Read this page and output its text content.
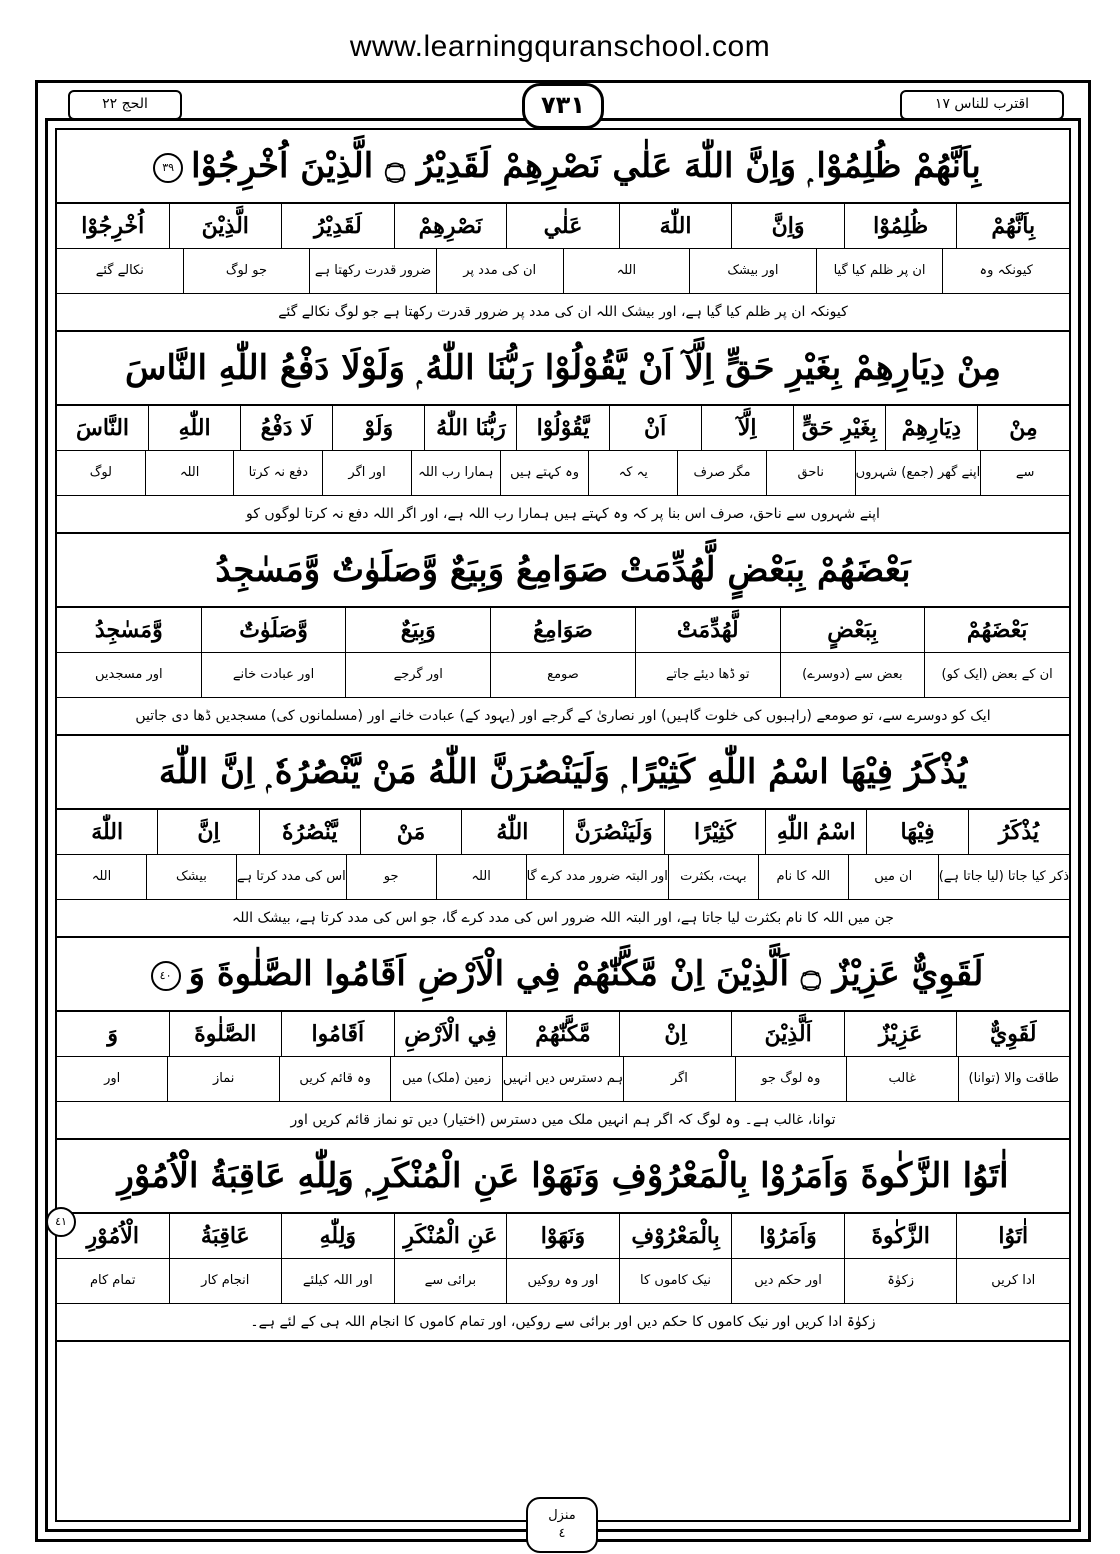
www.learningquranschool.com
اقترب للناس ١٧
الحج ٢٢	٧٣١
بِاَنَّهُمْ ظُلِمُوْا ۭ وَاِنَّ اللّٰهَ عَلٰي نَصْرِهِمْ لَقَدِيْرُ ۝ الَّذِيْنَ اُخْرِجُوْا٣٩
بِاَنَّهُمْ
ظُلِمُوْا
وَاِنَّ
اللّٰهَ
عَلٰي
نَصْرِهِمْ
لَقَدِيْرُ
الَّذِيْنَ
اُخْرِجُوْا
کیونکہ وہ
ان پر ظلم کیا گیا
اور بیشک
اللہ
ان کی مدد پر
ضرور قدرت رکھتا ہے
جو لوگ
نکالے گئے
کیونکہ ان پر ظلم کیا گیا ہے، اور بیشک اللہ ان کی مدد پر ضرور قدرت رکھتا ہے جو لوگ نکالے گئے
مِنْ دِيَارِهِمْ بِغَيْرِ حَقٍّ اِلَّآ اَنْ يَّقُوْلُوْا رَبُّنَا اللّٰهُ ۭ وَلَوْلَا دَفْعُ اللّٰهِ النَّاسَ
مِنْ
دِيَارِهِمْ
بِغَيْرِ حَقٍّ
اِلَّآ
اَنْ
يَّقُوْلُوْا
رَبُّنَا اللّٰهُ
وَلَوْ
لَا دَفْعُ
اللّٰهِ
النَّاسَ
سے
اپنے گھر (جمع) شہروں
ناحق
مگر صرف
یہ کہ
وہ کہتے ہیں
ہمارا رب اللہ
اور اگر
دفع نہ کرتا
اللہ
لوگ
اپنے شہروں سے ناحق، صرف اس بنا پر کہ وہ کہتے ہیں ہمارا رب اللہ ہے، اور اگر اللہ دفع نہ کرتا لوگوں کو
بَعْضَهُمْ بِبَعْضٍ لَّهُدِّمَتْ صَوَامِعُ وَبِيَعٌ وَّصَلَوٰتٌ وَّمَسٰجِدُ
بَعْضَهُمْ
بِبَعْضٍ
لَّهُدِّمَتْ
صَوَامِعُ
وَبِيَعٌ
وَّصَلَوٰتٌ
وَّمَسٰجِدُ
ان کے بعض (ایک کو)
بعض سے (دوسرے)
تو ڈھا دیئے جاتے
صومع
اور گرجے
اور عبادت خانے
اور مسجدیں
ایک کو دوسرے سے، تو صومعے (راہبوں کی خلوت گاہیں) اور نصاریٰ کے گرجے اور (یہود کے) عبادت خانے اور (مسلمانوں کی) مسجدیں ڈھا دی جاتیں
يُذْكَرُ فِيْهَا اسْمُ اللّٰهِ كَثِيْرًا ۭ وَلَيَنْصُرَنَّ اللّٰهُ مَنْ يَّنْصُرُهٗ ۭ اِنَّ اللّٰهَ
يُذْكَرُ
فِيْهَا
اسْمُ اللّٰهِ
كَثِيْرًا
وَلَيَنْصُرَنَّ
اللّٰهُ
مَنْ
يَّنْصُرُهٗ
اِنَّ
اللّٰهَ
ذکر کیا جاتا (لیا جاتا ہے)
ان میں
اللہ کا نام
بہت، بکثرت
اور البتہ ضرور مدد کرے گا
اللہ
جو
اس کی مدد کرتا ہے
بیشک
اللہ
جن میں اللہ کا نام بکثرت لیا جاتا ہے، اور البتہ اللہ ضرور اس کی مدد کرے گا، جو اس کی مدد کرتا ہے، بیشک اللہ
لَقَوِيٌّ عَزِيْزٌ ۝ اَلَّذِيْنَ اِنْ مَّكَّنّٰهُمْ فِي الْاَرْضِ اَقَامُوا الصَّلٰوةَ وَ٤٠
لَقَوِيٌّ
عَزِيْزٌ
اَلَّذِيْنَ
اِنْ
مَّكَّنّٰهُمْ
فِي الْاَرْضِ
اَقَامُوا
الصَّلٰوةَ
وَ
طاقت والا (توانا)
غالب
وہ لوگ جو
اگر
ہم دسترس دیں انہیں
زمین (ملک) میں
وہ قائم کریں
نماز
اور
توانا، غالب ہے۔ وہ لوگ کہ اگر ہم انہیں ملک میں دسترس (اختیار) دیں تو نماز قائم کریں اور
اٰتَوُا الزَّكٰوةَ وَاَمَرُوْا بِالْمَعْرُوْفِ وَنَهَوْا عَنِ الْمُنْكَرِ ۭ وَلِلّٰهِ عَاقِبَةُ الْاُمُوْرِ
اٰتَوُا
الزَّكٰوةَ
وَاَمَرُوْا
بِالْمَعْرُوْفِ
وَنَهَوْا
عَنِ الْمُنْكَرِ
وَلِلّٰهِ
عَاقِبَةُ
الْاُمُوْرِ
ادا کریں
زکوٰۃ
اور حکم دیں
نیک کاموں کا
اور وہ روکیں
برائی سے
اور اللہ کیلئے
انجام کار
تمام کام
زکوٰۃ ادا کریں اور نیک کاموں کا حکم دیں اور برائی سے روکیں، اور تمام کاموں کا انجام اللہ ہی کے لئے ہے۔
٤١
منزل
٤
